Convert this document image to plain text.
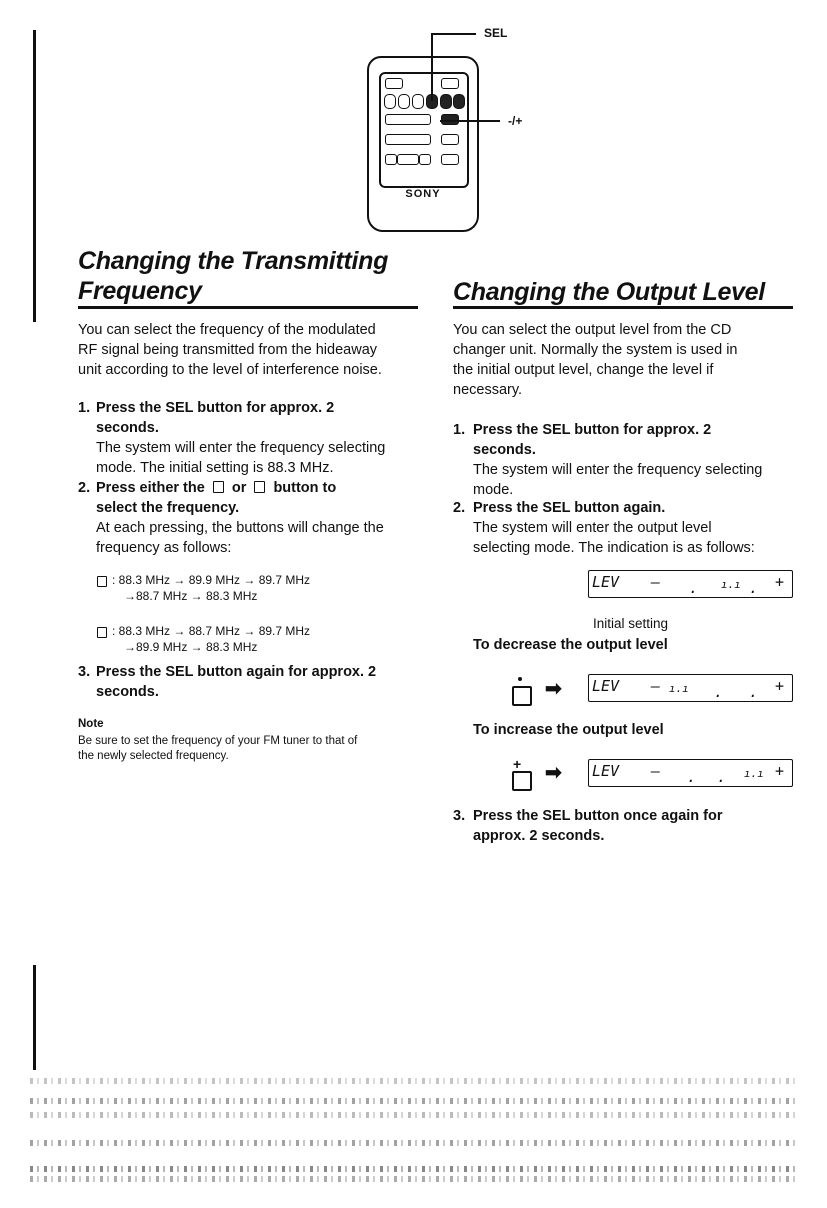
SONY
SEL
-/+
Changing the Transmitting
Frequency
You can select the frequency of the modulated
RF signal being transmitted from the hideaway
unit according to the level of interference noise.
1. Press the SEL button for approx. 2
seconds.
The system will enter the frequency selecting
mode. The initial setting is 88.3 MHz.
2. Press either the or button to
select the frequency.
At each pressing, the buttons will change the
frequency as follows:
: 88.3 MHz → 89.9 MHz → 89.7 MHz
→88.7 MHz → 88.3 MHz
: 88.3 MHz → 88.7 MHz → 89.7 MHz
→89.9 MHz → 88.3 MHz
3. Press the SEL button again for approx. 2
seconds.
Note
Be sure to set the frequency of your FM tuner to that of
the newly selected frequency.
Changing the Output Level
You can select the output level from the CD
changer unit. Normally the system is used in
the initial output level, change the level if
necessary.
1. Press the SEL button for approx. 2
seconds.
The system will enter the frequency selecting
mode.
2. Press the SEL button again.
The system will enter the output level
selecting mode. The indication is as follows:
LEV – . ı.ı . +
Initial setting
To decrease the output level
➡ LEV – ı.ı . . +
To increase the output level
+ ➡ LEV – . . ı.ı +
3. Press the SEL button once again for
approx. 2 seconds.
